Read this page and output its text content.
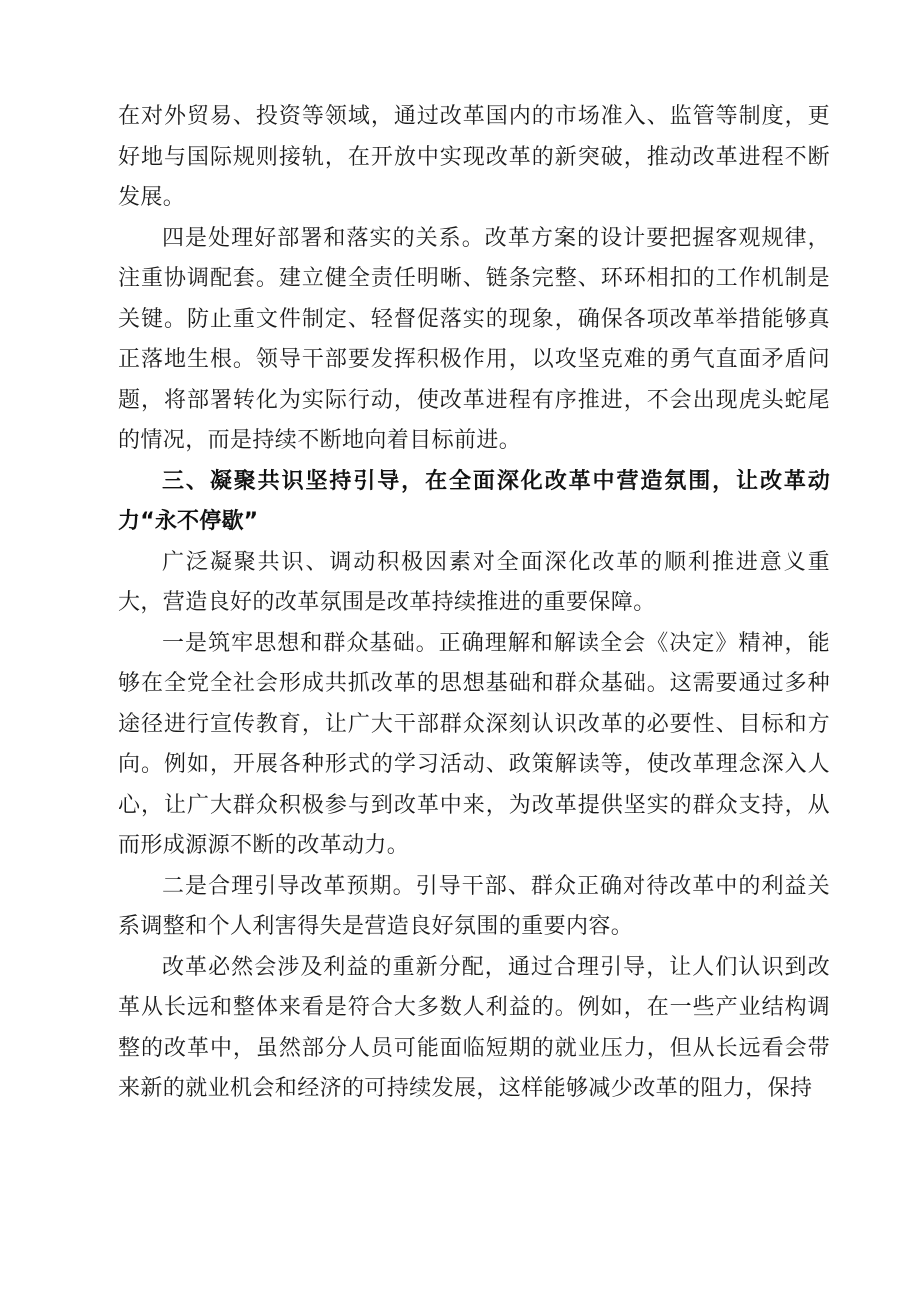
在对外贸易、投资等领域，通过改革国内的市场准入、监管等制度，更好地与国际规则接轨，在开放中实现改革的新突破，推动改革进程不断发展。

四是处理好部署和落实的关系。改革方案的设计要把握客观规律，注重协调配套。建立健全责任明晰、链条完整、环环相扣的工作机制是关键。防止重文件制定、轻督促落实的现象，确保各项改革举措能够真正落地生根。领导干部要发挥积极作用，以攻坚克难的勇气直面矛盾问题，将部署转化为实际行动，使改革进程有序推进，不会出现虎头蛇尾的情况，而是持续不断地向着目标前进。

三、凝聚共识坚持引导，在全面深化改革中营造氛围，让改革动力“永不停歇”

广泛凝聚共识、调动积极因素对全面深化改革的顺利推进意义重大，营造良好的改革氛围是改革持续推进的重要保障。

一是筑牢思想和群众基础。正确理解和解读全会《决定》精神，能够在全党全社会形成共抓改革的思想基础和群众基础。这需要通过多种途径进行宣传教育，让广大干部群众深刻认识改革的必要性、目标和方向。例如，开展各种形式的学习活动、政策解读等，使改革理念深入人心，让广大群众积极参与到改革中来，为改革提供坚实的群众支持，从而形成源源不断的改革动力。

二是合理引导改革预期。引导干部、群众正确对待改革中的利益关系调整和个人利害得失是营造良好氛围的重要内容。

改革必然会涉及利益的重新分配，通过合理引导，让人们认识到改革从长远和整体来看是符合大多数人利益的。例如，在一些产业结构调整的改革中，虽然部分人员可能面临短期的就业压力，但从长远看会带来新的就业机会和经济的可持续发展，这样能够减少改革的阻力，保持
